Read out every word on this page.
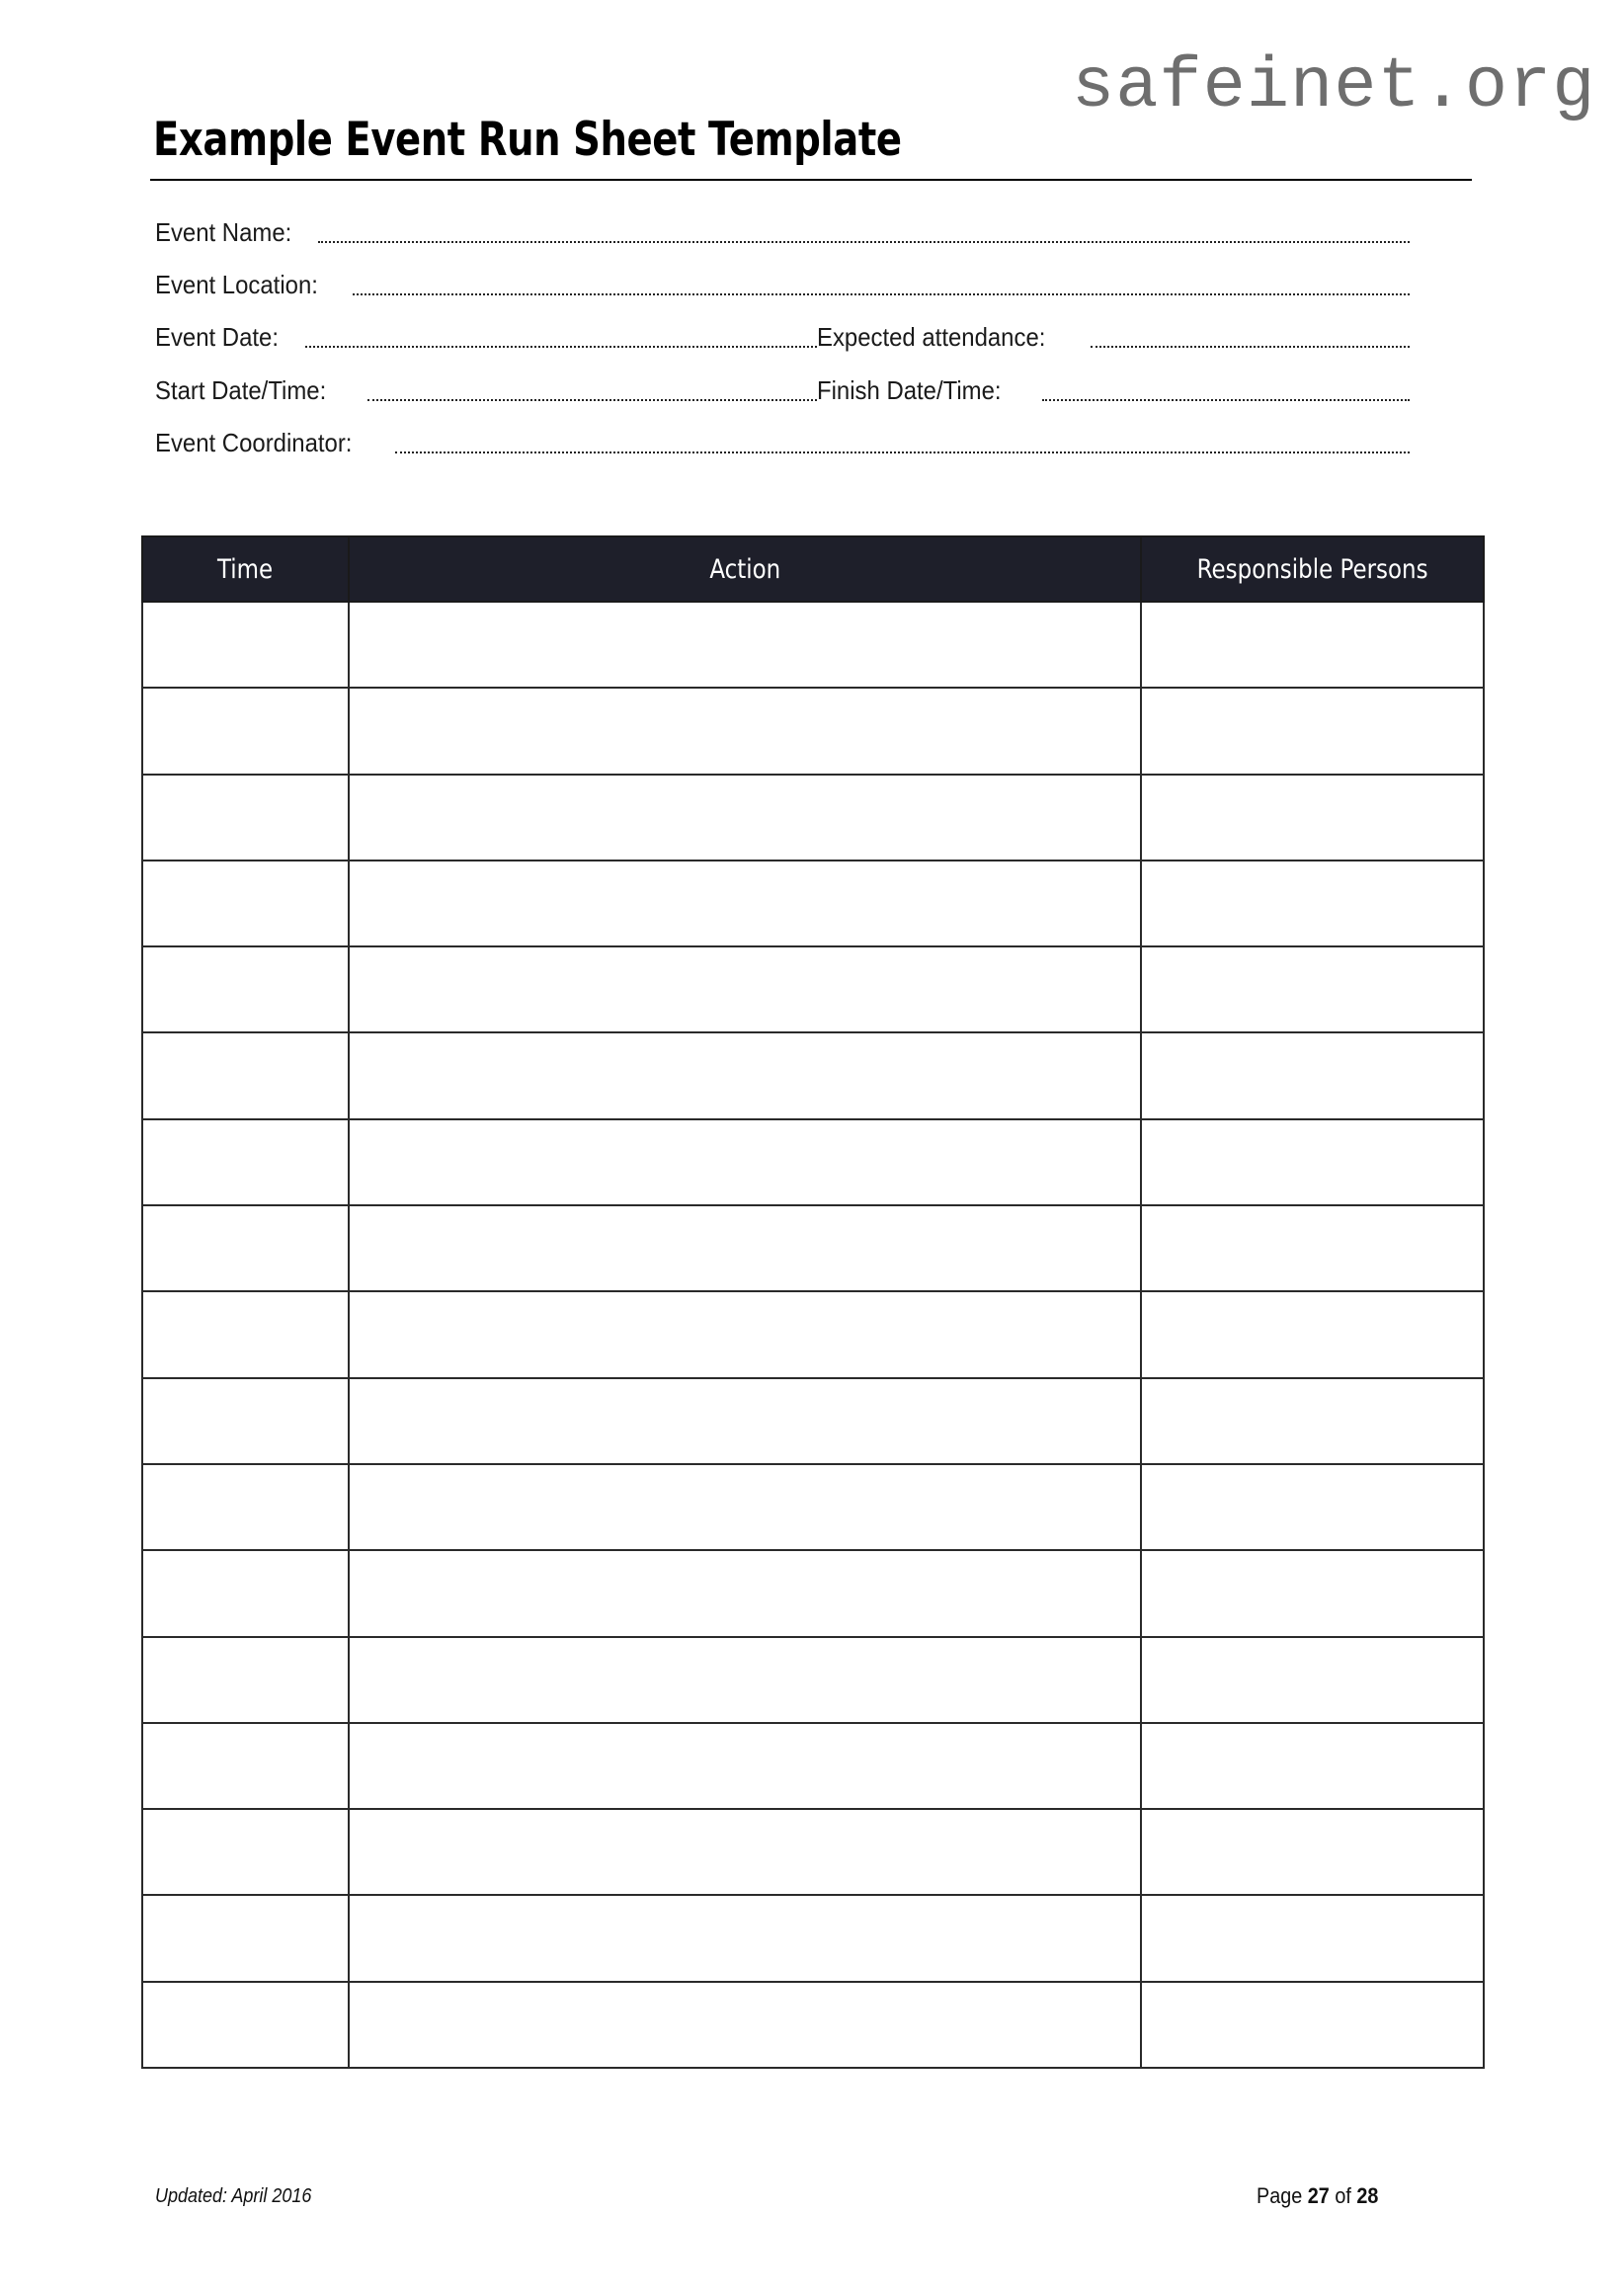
safeinet.org
Example Event Run Sheet Template
Event Name:
Event Location:
Event Date:	Expected attendance:
Start Date/Time:	Finish Date/Time:
Event Coordinator:
Time	Action	Responsible Persons

Updated: April 2016	Page 27 of 28
